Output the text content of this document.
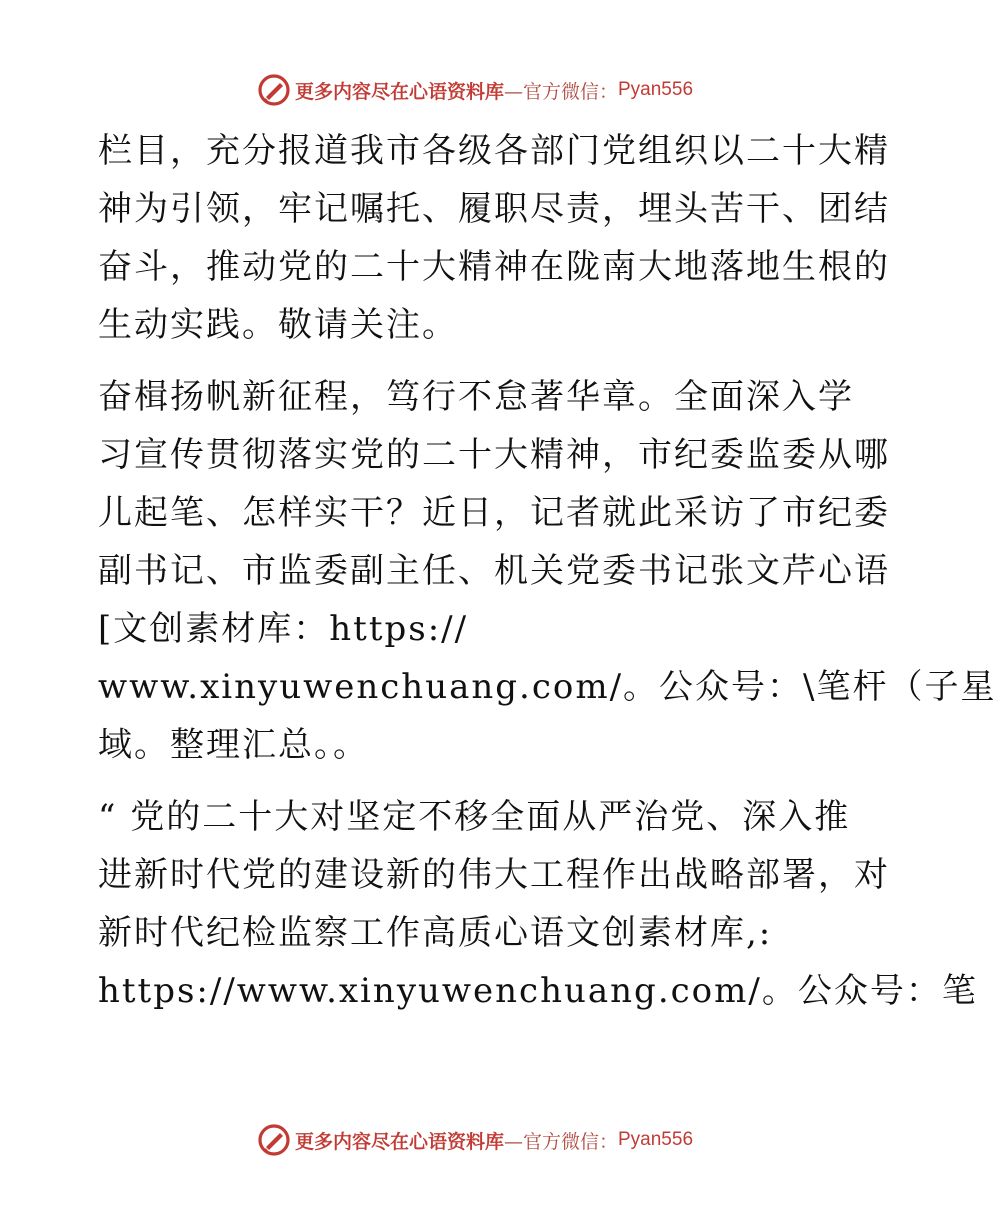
更多内容尽在心语资料库 —官方微信： Pyan556
栏目，充分报道我市各级各部门党组织以二十大精
神为引领，牢记嘱托、履职尽责，埋头苦干、团结
奋斗，推动党的二十大精神在陇南大地落地生根的
生动实践。敬请关注。
奋楫扬帆新征程，笃行不怠著华章。全面深入学
习宣传贯彻落实党的二十大精神，市纪委监委从哪
儿起笔、怎样实干？近日，记者就此采访了市纪委
副书记、市监委副主任、机关党委书记张文芹心语
[文创素材库：https://
www.xinyuwenchuang.com/。公众号：\笔杆（子星
域。整理汇总。。
“ 党的二十大对坚定不移全面从严治党、深入推
进新时代党的建设新的伟大工程作出战略部署，对
新时代纪检监察工作高质心语文创素材库,:
https://www.xinyuwenchuang.com/。公众号：笔
更多内容尽在心语资料库 —官方微信： Pyan556
